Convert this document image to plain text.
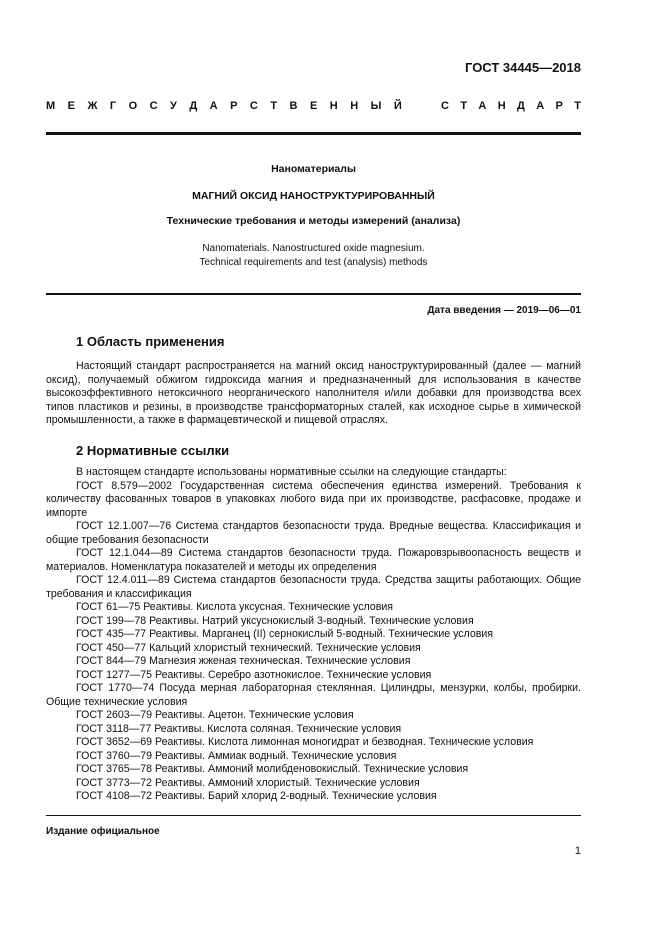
ГОСТ 34445—2018
М Е Ж Г О С У Д А Р С Т В Е Н Н Ы Й	С Т А Н Д А Р Т
Наноматериалы
МАГНИЙ ОКСИД НАНОСТРУКТУРИРОВАННЫЙ
Технические требования и методы измерений (анализа)
Nanomaterials. Nanostructured oxide magnesium.
Technical requirements and test (analysis) methods
Дата введения — 2019—06—01
1 Область применения

Настоящий стандарт распространяется на магний оксид наноструктурированный (далее — магний оксид), получаемый обжигом гидроксида магния и предназначенный для использования в качестве высокоэффективного нетоксичного неорганического наполнителя и/или добавки для производства всех типов пластиков и резины, в производстве трансформаторных сталей, как исходное сырье в химической промышленности, а также в фармацевтической и пищевой отраслях.

2 Нормативные ссылки

В настоящем стандарте использованы нормативные ссылки на следующие стандарты:

ГОСТ 8.579—2002 Государственная система обеспечения единства измерений. Требования к количеству фасованных товаров в упаковках любого вида при их производстве, расфасовке, продаже и импорте

ГОСТ 12.1.007—76 Система стандартов безопасности труда. Вредные вещества. Классификация и общие требования безопасности

ГОСТ 12.1.044—89 Система стандартов безопасности труда. Пожаровзрывоопасность веществ и материалов. Номенклатура показателей и методы их определения

ГОСТ 12.4.011—89 Система стандартов безопасности труда. Средства защиты работающих. Общие требования и классификация

ГОСТ 61—75 Реактивы. Кислота уксусная. Технические условия

ГОСТ 199—78 Реактивы. Натрий уксуснокислый 3-водный. Технические условия

ГОСТ 435—77 Реактивы. Марганец (II) сернокислый 5-водный. Технические условия

ГОСТ 450—77 Кальций хлористый технический. Технические условия

ГОСТ 844—79 Магнезия жженая техническая. Технические условия

ГОСТ 1277—75 Реактивы. Серебро азотнокислое. Технические условия

ГОСТ 1770—74 Посуда мерная лабораторная стеклянная. Цилиндры, мензурки, колбы, пробирки. Общие технические условия

ГОСТ 2603—79 Реактивы. Ацетон. Технические условия

ГОСТ 3118—77 Реактивы. Кислота соляная. Технические условия

ГОСТ 3652—69 Реактивы. Кислота лимонная моногидрат и безводная. Технические условия

ГОСТ 3760—79 Реактивы. Аммиак водный. Технические условия

ГОСТ 3765—78 Реактивы. Аммоний молибденовокислый. Технические условия

ГОСТ 3773—72 Реактивы. Аммоний хлористый. Технические условия

ГОСТ 4108—72 Реактивы. Барий хлорид 2-водный. Технические условия

Издание официальное
1
